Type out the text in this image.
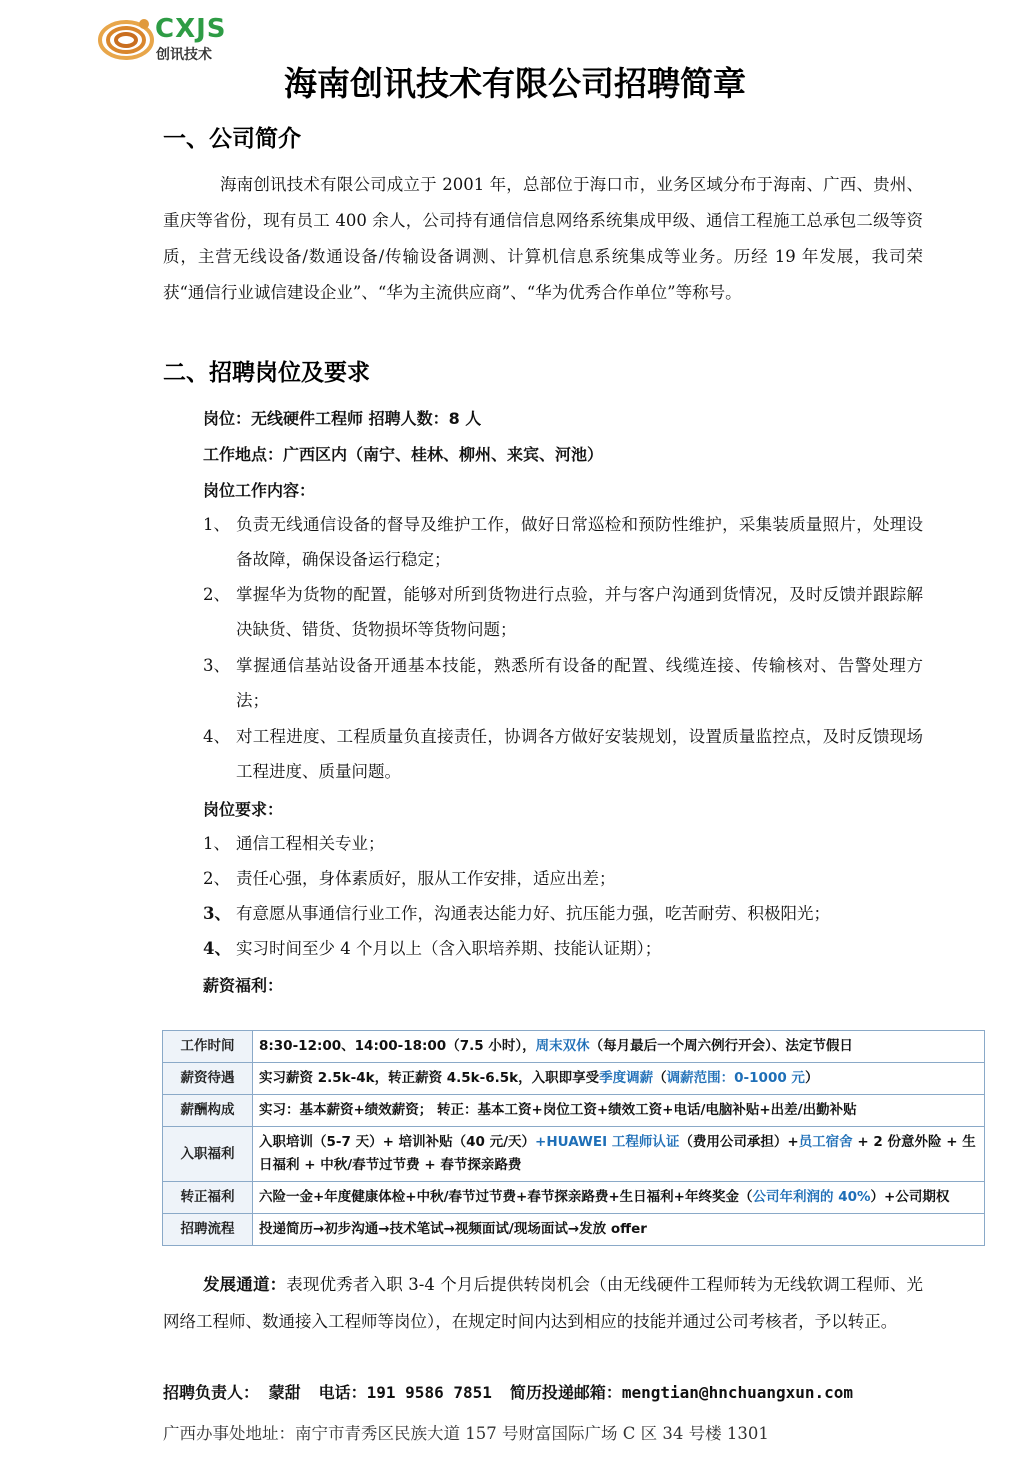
CXJS
创讯技术
海南创讯技术有限公司招聘简章
一、公司简介
海南创讯技术有限公司成立于 2001 年，总部位于海口市，业务区域分布于海南、广西、贵州、重庆等省份，现有员工 400 余人，公司持有通信信息网络系统集成甲级、通信工程施工总承包二级等资质，主营无线设备/数通设备/传输设备调测、计算机信息系统集成等业务。历经 19 年发展，我司荣获“通信行业诚信建设企业”、“华为主流供应商”、“华为优秀合作单位”等称号。
二、招聘岗位及要求
岗位：无线硬件工程师 招聘人数：8 人
工作地点：广西区内（南宁、桂林、柳州、来宾、河池）
岗位工作内容：
1、 负责无线通信设备的督导及维护工作，做好日常巡检和预防性维护，采集装质量照片，处理设备故障，确保设备运行稳定；
2、 掌握华为货物的配置，能够对所到货物进行点验，并与客户沟通到货情况，及时反馈并跟踪解决缺货、错货、货物损坏等货物问题；
3、 掌握通信基站设备开通基本技能，熟悉所有设备的配置、线缆连接、传输核对、告警处理方法；
4、 对工程进度、工程质量负直接责任，协调各方做好安装规划，设置质量监控点，及时反馈现场工程进度、质量问题。
岗位要求：
1、 通信工程相关专业；
2、 责任心强，身体素质好，服从工作安排，适应出差；
3、 有意愿从事通信行业工作，沟通表达能力好、抗压能力强，吃苦耐劳、积极阳光；
4、 实习时间至少 4 个月以上（含入职培养期、技能认证期）；
薪资福利：
工作时间	8:30-12:00、14:00-18:00（7.5 小时），周末双休（每月最后一个周六例行开会）、法定节假日
薪资待遇	实习薪资 2.5k-4k，转正薪资 4.5k-6.5k，入职即享受季度调薪（调薪范围：0-1000 元）
薪酬构成	实习：基本薪资+绩效薪资； 转正：基本工资+岗位工资+绩效工资+电话/电脑补贴+出差/出勤补贴
入职福利	入职培训（5-7 天）+ 培训补贴（40 元/天）+HUAWEI 工程师认证（费用公司承担）+员工宿舍 + 2 份意外险 + 生日福利 + 中秋/春节过节费 + 春节探亲路费
转正福利	六险一金+年度健康体检+中秋/春节过节费+春节探亲路费+生日福利+年终奖金（公司年利润的 40%）+公司期权
招聘流程	投递简历→初步沟通→技术笔试→视频面试/现场面试→发放 offer
发展通道：表现优秀者入职 3-4 个月后提供转岗机会（由无线硬件工程师转为无线软调工程师、光网络工程师、数通接入工程师等岗位），在规定时间内达到相应的技能并通过公司考核者，予以转正。
招聘负责人： 蒙甜 电话：191 9586 7851 简历投递邮箱：mengtian@hnchuangxun.com
广西办事处地址：南宁市青秀区民族大道 157 号财富国际广场 C 区 34 号楼 1301
